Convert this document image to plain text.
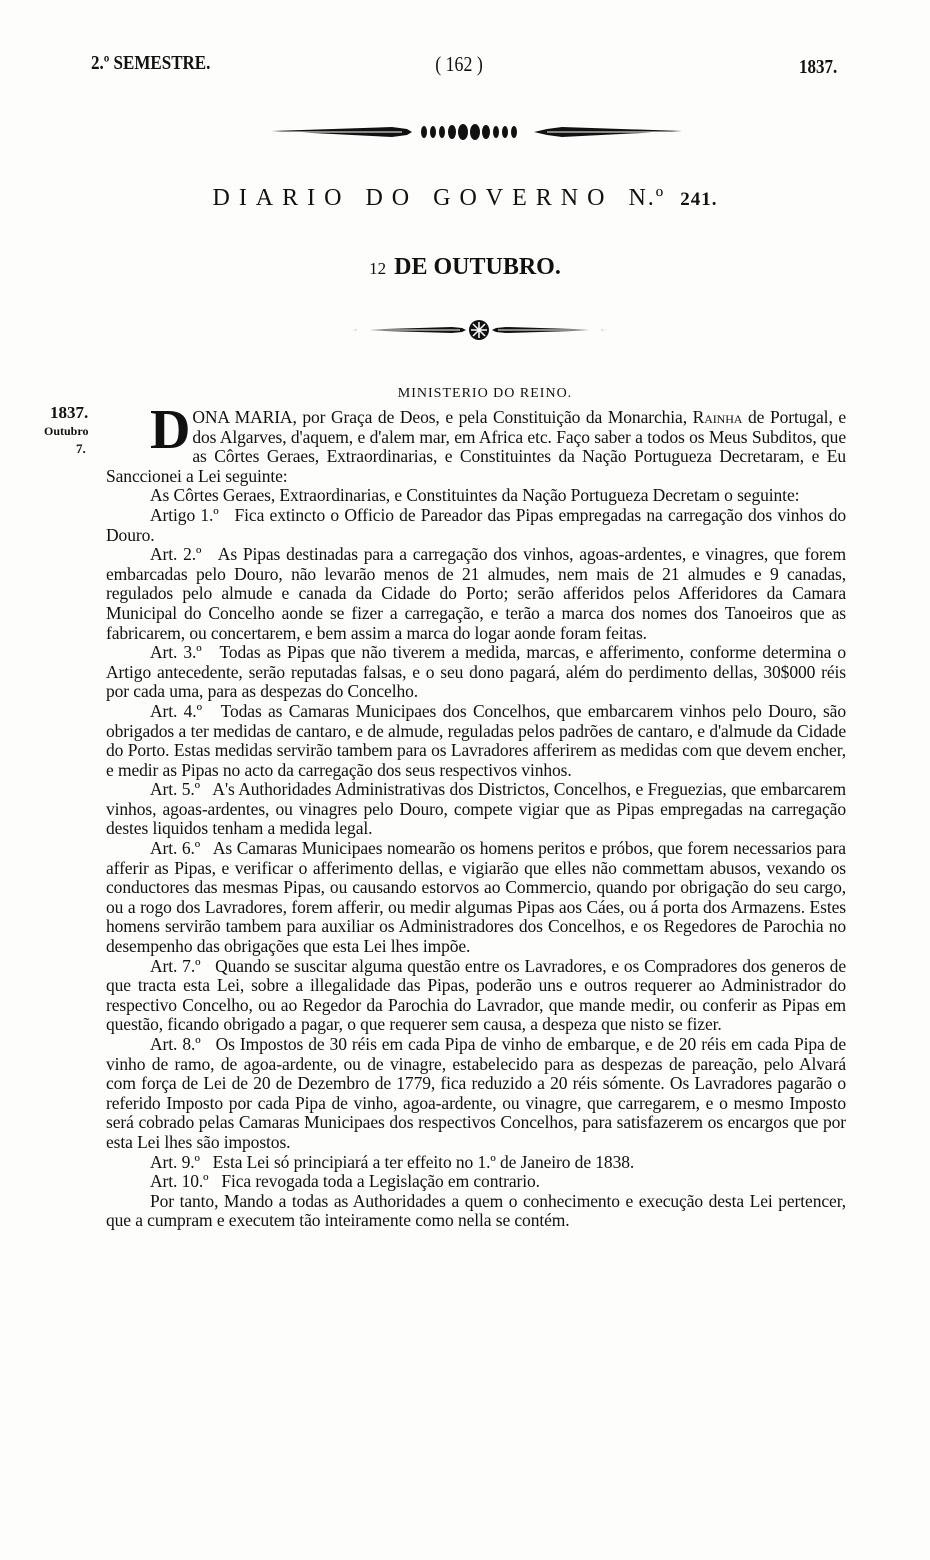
2.º SEMESTRE.	( 162 )	1837.
DIARIO DO GOVERNO N.º 241.
12 DE OUTUBRO.
MINISTERIO DO REINO.
1837.
Outubro
7. DONA MARIA, por Graça de Deos, e pela Constituição da Monarchia, Rainha de Portugal, e dos Algarves, d'aquem, e d'alem mar, em Africa etc. Faço saber a todos os Meus Subditos, que as Côrtes Geraes, Extraordinarias, e Constituintes da Nação Portugueza Decretaram, e Eu Sanccionei a Lei seguinte:

As Côrtes Geraes, Extraordinarias, e Constituintes da Nação Portugueza Decretam o seguinte:

Artigo 1.º Fica extincto o Officio de Pareador das Pipas empregadas na carregação dos vinhos do Douro.

Art. 2.º As Pipas destinadas para a carregação dos vinhos, agoas-ardentes, e vinagres, que forem embarcadas pelo Douro, não levarão menos de 21 almudes, nem mais de 21 almudes e 9 canadas, regulados pelo almude e canada da Cidade do Porto; serão afferidos pelos Afferidores da Camara Municipal do Concelho aonde se fizer a carregação, e terão a marca dos nomes dos Tanoeiros que as fabricarem, ou concertarem, e bem assim a marca do logar aonde foram feitas.

Art. 3.º Todas as Pipas que não tiverem a medida, marcas, e afferimento, conforme determina o Artigo antecedente, serão reputadas falsas, e o seu dono pagará, além do perdimento dellas, 30$000 réis por cada uma, para as despezas do Concelho.

Art. 4.º Todas as Camaras Municipaes dos Concelhos, que embarcarem vinhos pelo Douro, são obrigados a ter medidas de cantaro, e de almude, reguladas pelos padrões de cantaro, e d'almude da Cidade do Porto. Estas medidas servirão tambem para os Lavradores afferirem as medidas com que devem encher, e medir as Pipas no acto da carregação dos seus respectivos vinhos.

Art. 5.º A's Authoridades Administrativas dos Districtos, Concelhos, e Freguezias, que embarcarem vinhos, agoas-ardentes, ou vinagres pelo Douro, compete vigiar que as Pipas empregadas na carregação destes liquidos tenham a medida legal.

Art. 6.º As Camaras Municipaes nomearão os homens peritos e próbos, que forem necessarios para afferir as Pipas, e verificar o afferimento dellas, e vigiarão que elles não commettam abusos, vexando os conductores das mesmas Pipas, ou causando estorvos ao Commercio, quando por obrigação do seu cargo, ou a rogo dos Lavradores, forem afferir, ou medir algumas Pipas aos Cáes, ou á porta dos Armazens. Estes homens servirão tambem para auxiliar os Administradores dos Concelhos, e os Regedores de Parochia no desempenho das obrigações que esta Lei lhes impõe.

Art. 7.º Quando se suscitar alguma questão entre os Lavradores, e os Compradores dos generos de que tracta esta Lei, sobre a illegalidade das Pipas, poderão uns e outros requerer ao Administrador do respectivo Concelho, ou ao Regedor da Parochia do Lavrador, que mande medir, ou conferir as Pipas em questão, ficando obrigado a pagar, o que requerer sem causa, a despeza que nisto se fizer.

Art. 8.º Os Impostos de 30 réis em cada Pipa de vinho de embarque, e de 20 réis em cada Pipa de vinho de ramo, de agoa-ardente, ou de vinagre, estabelecido para as despezas de pareação, pelo Alvará com força de Lei de 20 de Dezembro de 1779, fica reduzido a 20 réis sómente. Os Lavradores pagarão o referido Imposto por cada Pipa de vinho, agoa-ardente, ou vinagre, que carregarem, e o mesmo Imposto será cobrado pelas Camaras Municipaes dos respectivos Concelhos, para satisfazerem os encargos que por esta Lei lhes são impostos.

Art. 9.º Esta Lei só principiará a ter effeito no 1.º de Janeiro de 1838.

Art. 10.º Fica revogada toda a Legislação em contrario.

Por tanto, Mando a todas as Authoridades a quem o conhecimento e execução desta Lei pertencer, que a cumpram e executem tão inteiramente como nella se contém.
